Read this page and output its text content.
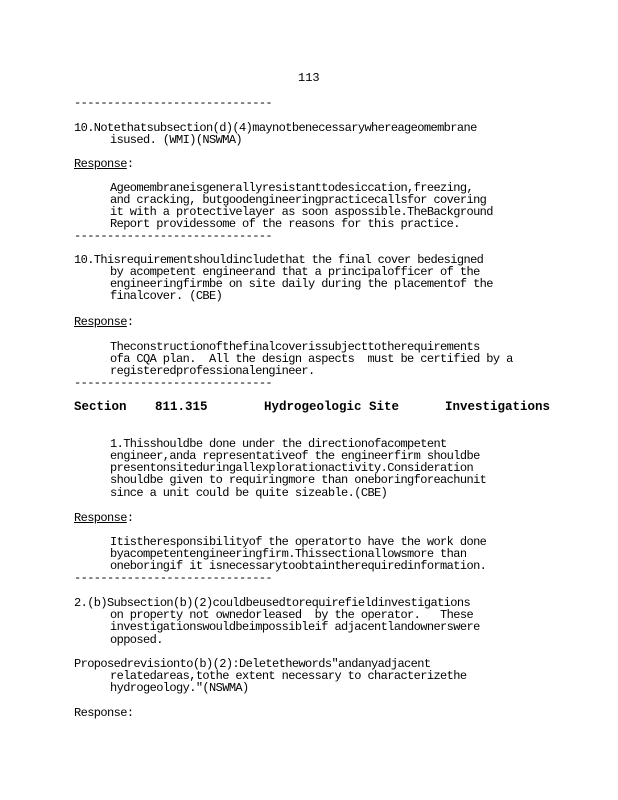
113
------------------------------
10.Notethatsubsection(d)(4)maynotbenecessarywhereageomembrane
isused. (WMI)(NSWMA)
Response:
Ageomembraneisgenerallyresistanttodesiccation,freezing,
and cracking, butgoodengineeringpracticecallsfor covering
it with a protectivelayer as soon aspossible.TheBackground
Report providessome of the reasons for this practice.
------------------------------
10.Thisrequirementshouldincludethat the final cover bedesigned
by acompetent engineerand that a principalofficer of the
engineeringfirmbe on site daily during the placementof the
finalcover. (CBE)
Response:
Theconstructionofthefinalcoverissubjecttotherequirements
ofa CQA plan.  All the design aspects  must be certified by a
registeredprofessionalengineer.
------------------------------
Section 811.315	Hydrogeologic Site	Investigations
1.Thisshouldbe done under the directionofacompetent
engineer,anda representativeof the engineerfirm shouldbe
presentonsiteduringallexplorationactivity.Consideration
shouldbe given to requiringmore than oneboringforeachunit
since a unit could be quite sizeable.(CBE)
Response:
Itistheresponsibilityof the operatorto have the work done
byacompetentengineeringfirm.Thissectionallowsmore than
oneboringif it isnecessarytoobtaintherequiredinformation.
------------------------------
2.(b)Subsection(b)(2)couldbeusedtorequirefieldinvestigations
on property not ownedorleased  by the operator.   These
investigationswouldbeimpossibleif adjacentlandownerswere
opposed.
Proposedrevisionto(b)(2):Deletethewords"andanyadjacent
relatedareas,tothe extent necessary to characterizethe
hydrogeology."(NSWMA)
Response:
